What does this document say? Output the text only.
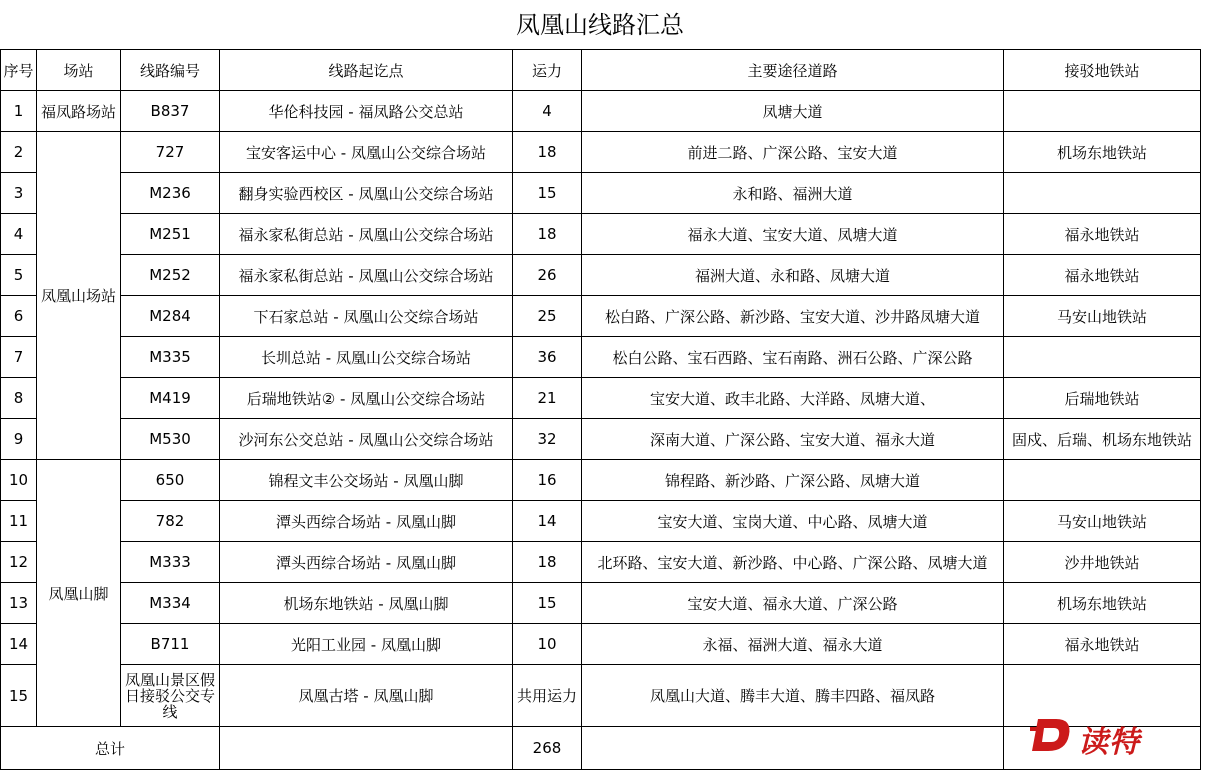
凤凰山线路汇总
序号	场站	线路编号	线路起讫点	运力	主要途径道路	接驳地铁站
1	福凤路场站	B837	华伦科技园 - 福凤路公交总站	4	凤塘大道	
2	凤凰山场站	727	宝安客运中心 - 凤凰山公交综合场站	18	前进二路、广深公路、宝安大道	机场东地铁站
3		M236	翻身实验西校区 - 凤凰山公交综合场站	15	永和路、福洲大道	
4		M251	福永家私街总站 - 凤凰山公交综合场站	18	福永大道、宝安大道、凤塘大道	福永地铁站
5		M252	福永家私街总站 - 凤凰山公交综合场站	26	福洲大道、永和路、凤塘大道	福永地铁站
6		M284	下石家总站 - 凤凰山公交综合场站	25	松白路、广深公路、新沙路、宝安大道、沙井路凤塘大道	马安山地铁站
7		M335	长圳总站 - 凤凰山公交综合场站	36	松白公路、宝石西路、宝石南路、洲石公路、广深公路	
8		M419	后瑞地铁站② - 凤凰山公交综合场站	21	宝安大道、政丰北路、大洋路、凤塘大道、	后瑞地铁站
9		M530	沙河东公交总站 - 凤凰山公交综合场站	32	深南大道、广深公路、宝安大道、福永大道	固戍、后瑞、机场东地铁站
10	凤凰山脚	650	锦程文丰公交场站 - 凤凰山脚	16	锦程路、新沙路、广深公路、凤塘大道	
11		782	潭头西综合场站 - 凤凰山脚	14	宝安大道、宝岗大道、中心路、凤塘大道	马安山地铁站
12		M333	潭头西综合场站 - 凤凰山脚	18	北环路、宝安大道、新沙路、中心路、广深公路、凤塘大道	沙井地铁站
13		M334	机场东地铁站 - 凤凰山脚	15	宝安大道、福永大道、广深公路	机场东地铁站
14		B711	光阳工业园 - 凤凰山脚	10	永福、福洲大道、福永大道	福永地铁站
15		凤凰山景区假日接驳公交专线	凤凰古塔 - 凤凰山脚	共用运力	凤凰山大道、腾丰大道、腾丰四路、福凤路	
总计				268			读特
